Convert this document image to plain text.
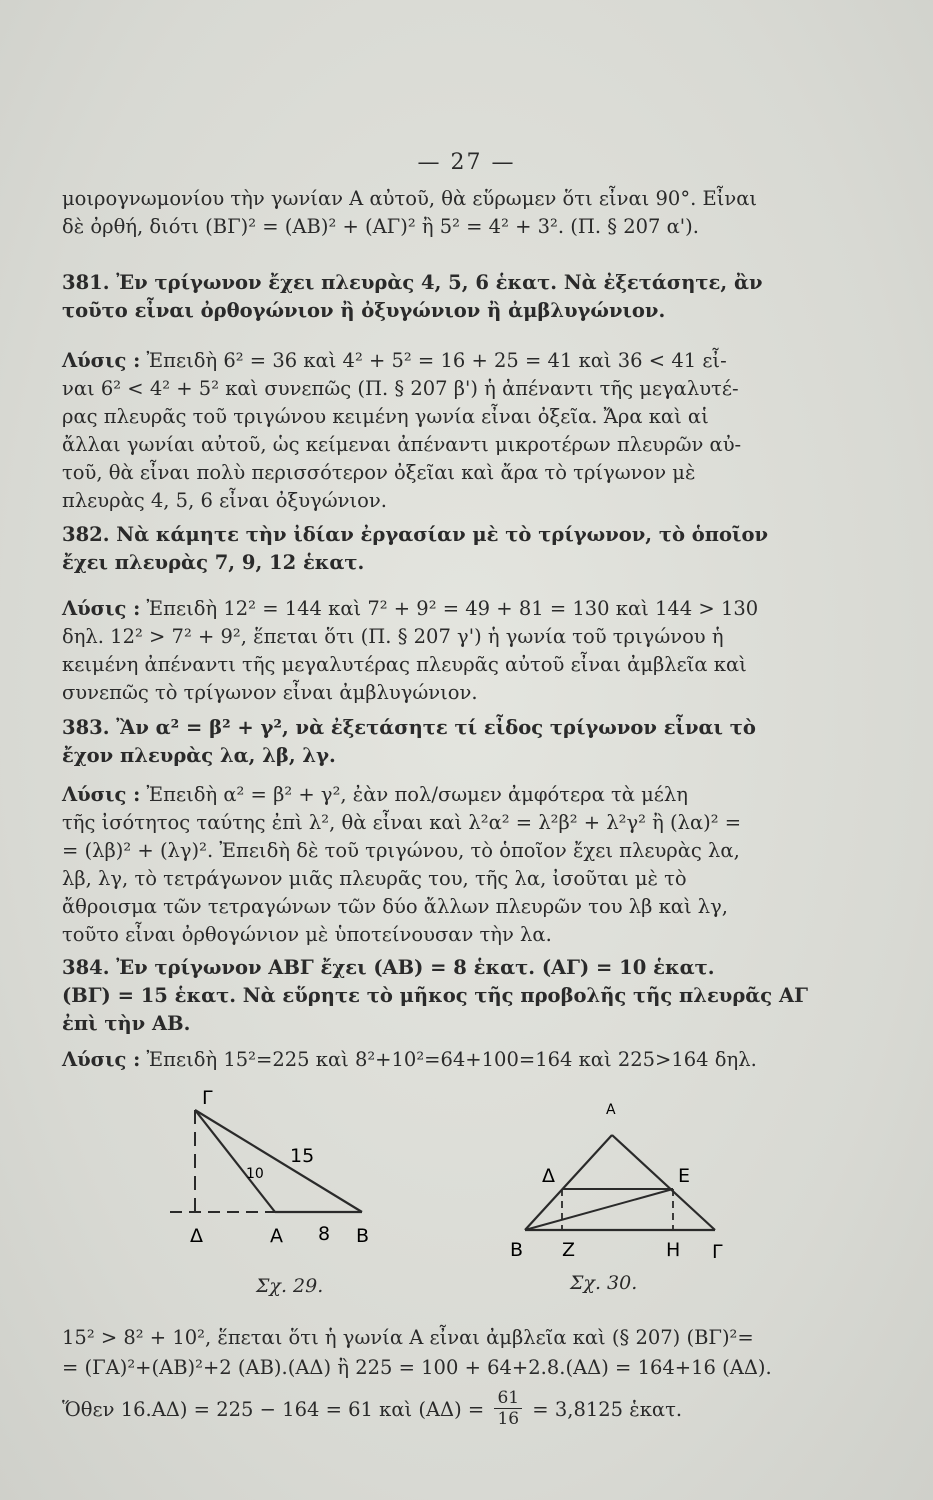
— 27 —
μοιρογνωμονίου τὴν γωνίαν Α αὐτοῦ, θὰ εὕρωμεν ὅτι εἶναι 90°. Εἶναι
δὲ ὀρθή, διότι (ΒΓ)² = (ΑΒ)² + (ΑΓ)² ἢ 5² = 4² + 3². (Π. § 207 α').
381. Ἐν τρίγωνον ἔχει πλευρὰς 4, 5, 6 ἑκατ. Νὰ ἐξετάσητε, ἂν
τοῦτο εἶναι ὀρθογώνιον ἢ ὀξυγώνιον ἢ ἀμβλυγώνιον.
Λύσις : Ἐπειδὴ 6² = 36 καὶ 4² + 5² = 16 + 25 = 41 καὶ 36 < 41 εἶ-
ναι 6² < 4² + 5² καὶ συνεπῶς (Π. § 207 β') ἡ ἀπέναντι τῆς μεγαλυτέ-
ρας πλευρᾶς τοῦ τριγώνου κειμένη γωνία εἶναι ὀξεῖα. Ἄρα καὶ αἱ
ἄλλαι γωνίαι αὐτοῦ, ὡς κείμεναι ἀπέναντι μικροτέρων πλευρῶν αὐ-
τοῦ, θὰ εἶναι πολὺ περισσότερον ὀξεῖαι καὶ ἄρα τὸ τρίγωνον μὲ
πλευρὰς 4, 5, 6 εἶναι ὀξυγώνιον.
382. Νὰ κάμητε τὴν ἰδίαν ἐργασίαν μὲ τὸ τρίγωνον, τὸ ὁποῖον
ἔχει πλευρὰς 7, 9, 12 ἑκατ.
Λύσις : Ἐπειδὴ 12² = 144 καὶ 7² + 9² = 49 + 81 = 130 καὶ 144 > 130
δηλ. 12² > 7² + 9², ἕπεται ὅτι (Π. § 207 γ') ἡ γωνία τοῦ τριγώνου ἡ
κειμένη ἀπέναντι τῆς μεγαλυτέρας πλευρᾶς αὐτοῦ εἶναι ἀμβλεῖα καὶ
συνεπῶς τὸ τρίγωνον εἶναι ἀμβλυγώνιον.
383. Ἂν α² = β² + γ², νὰ ἐξετάσητε τί εἶδος τρίγωνον εἶναι τὸ
ἔχον πλευρὰς λα, λβ, λγ.
Λύσις : Ἐπειδὴ α² = β² + γ², ἐὰν πολ/σωμεν ἀμφότερα τὰ μέλη
τῆς ἰσότητος ταύτης ἐπὶ λ², θὰ εἶναι καὶ λ²α² = λ²β² + λ²γ² ἢ (λα)² =
= (λβ)² + (λγ)². Ἐπειδὴ δὲ τοῦ τριγώνου, τὸ ὁποῖον ἔχει πλευρὰς λα,
λβ, λγ, τὸ τετράγωνον μιᾶς πλευρᾶς του, τῆς λα, ἰσοῦται μὲ τὸ
ἄθροισμα τῶν τετραγώνων τῶν δύο ἄλλων πλευρῶν του λβ καὶ λγ,
τοῦτο εἶναι ὀρθογώνιον μὲ ὑποτείνουσαν τὴν λα.
384. Ἐν τρίγωνον ΑΒΓ ἔχει (ΑΒ) = 8 ἑκατ. (ΑΓ) = 10 ἑκατ.
(ΒΓ) = 15 ἑκατ. Νὰ εὕρητε τὸ μῆκος τῆς προβολῆς τῆς πλευρᾶς ΑΓ
ἐπὶ τὴν ΑΒ.
Λύσις : Ἐπειδὴ 15²=225 καὶ 8²+10²=64+100=164 καὶ 225>164 δηλ.
Γ
Δ	Α	Β
8
10
15
Σχ. 29.
Α
Δ	Ε
Β Ζ	Η Γ
Σχ. 30.
15² > 8² + 10², ἕπεται ὅτι ἡ γωνία Α εἶναι ἀμβλεῖα καὶ (§ 207) (ΒΓ)²=
= (ΓΑ)²+(ΑΒ)²+2 (ΑΒ).(ΑΔ) ἢ 225 = 100 + 64+2.8.(ΑΔ) = 164+16 (ΑΔ).
Ὅθεν 16.ΑΔ) = 225 − 164 = 61 καὶ $(A\Delta) = \frac{61}{16} = 3,8125$ ἑκατ.
